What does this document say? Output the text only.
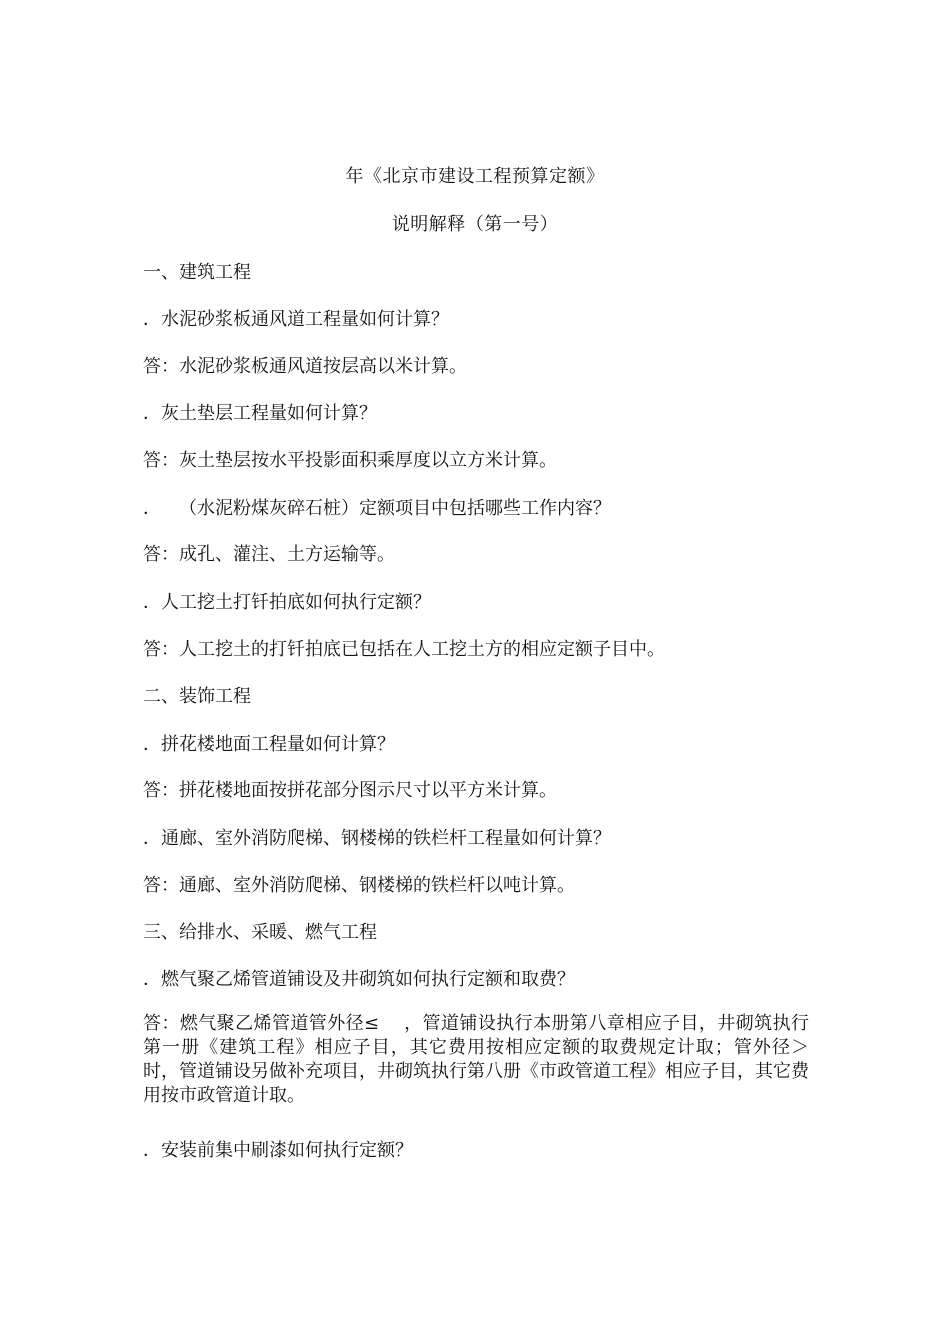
年《北京市建设工程预算定额》
说明解释（第一号）
一、建筑工程
．水泥砂浆板通风道工程量如何计算？
答：水泥砂浆板通风道按层高以米计算。
．灰土垫层工程量如何计算？
答：灰土垫层按水平投影面积乘厚度以立方米计算。
．　　（水泥粉煤灰碎石桩）定额项目中包括哪些工作内容？
答：成孔、灌注、土方运输等。
．人工挖土打钎拍底如何执行定额？
答：人工挖土的打钎拍底已包括在人工挖土方的相应定额子目中。
二、装饰工程
．拼花楼地面工程量如何计算？
答：拼花楼地面按拼花部分图示尺寸以平方米计算。
．通廊、室外消防爬梯、钢楼梯的铁栏杆工程量如何计算？
答：通廊、室外消防爬梯、钢楼梯的铁栏杆以吨计算。
三、给排水、采暖、燃气工程
．燃气聚乙烯管道铺设及井砌筑如何执行定额和取费？
答：燃气聚乙烯管道管外径≤　 ，管道铺设执行本册第八章相应子目，井砌筑执行第一册《建筑工程》相应子目，其它费用按相应定额的取费规定计取；管外径＞　 时，管道铺设另做补充项目，井砌筑执行第八册《市政管道工程》相应子目，其它费用按市政管道计取。
．安装前集中刷漆如何执行定额？
